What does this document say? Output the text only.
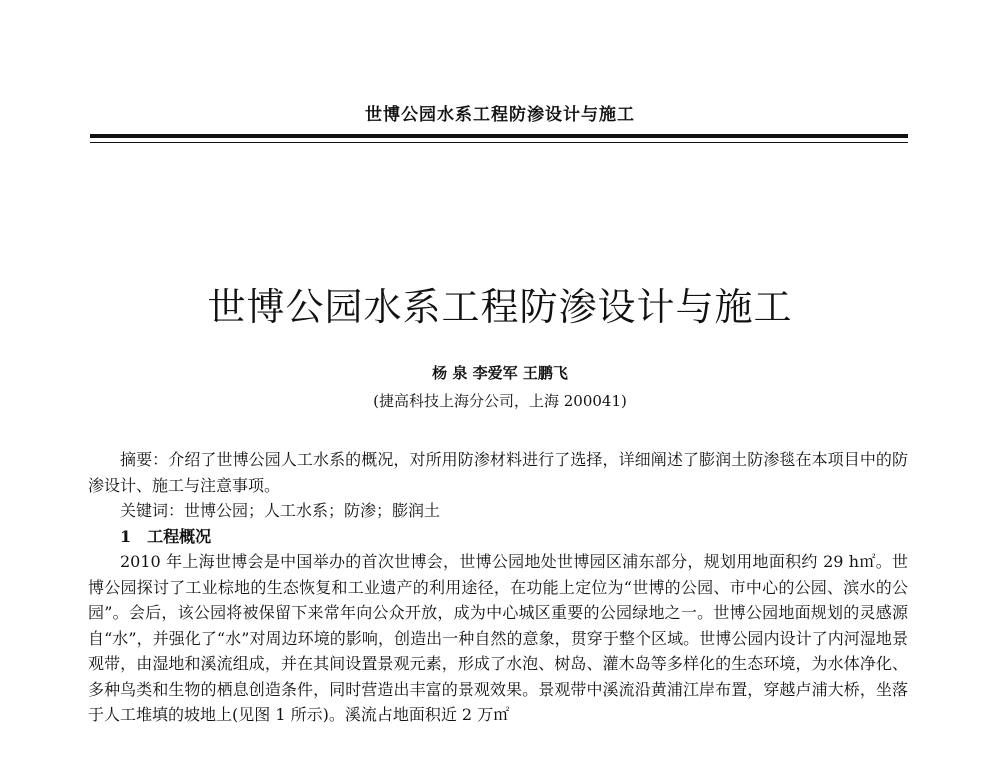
世博公园水系工程防渗设计与施工
世博公园水系工程防渗设计与施工
杨 泉 李爱军 王鹏飞
(捷高科技上海分公司，上海 200041)

摘要：介绍了世博公园人工水系的概况，对所用防渗材料进行了选择，详细阐述了膨润土防渗毯在本项目中的防渗设计、施工与注意事项。

关键词：世博公园；人工水系；防渗；膨润土

1　工程概况

2010 年上海世博会是中国举办的首次世博会，世博公园地处世博园区浦东部分，规划用地面积约 29 h㎡。世博公园探讨了工业棕地的生态恢复和工业遗产的利用途径，在功能上定位为“世博的公园、市中心的公园、滨水的公园”。会后，该公园将被保留下来常年向公众开放，成为中心城区重要的公园绿地之一。世博公园地面规划的灵感源自“水”，并强化了“水”对周边环境的影响，创造出一种自然的意象，贯穿于整个区域。世博公园内设计了内河湿地景观带，由湿地和溪流组成，并在其间设置景观元素，形成了水泡、树岛、灌木岛等多样化的生态环境，为水体净化、多种鸟类和生物的栖息创造条件，同时营造出丰富的景观效果。景观带中溪流沿黄浦江岸布置，穿越卢浦大桥，坐落于人工堆填的坡地上(见图 1 所示)。溪流占地面积近 2 万㎡
